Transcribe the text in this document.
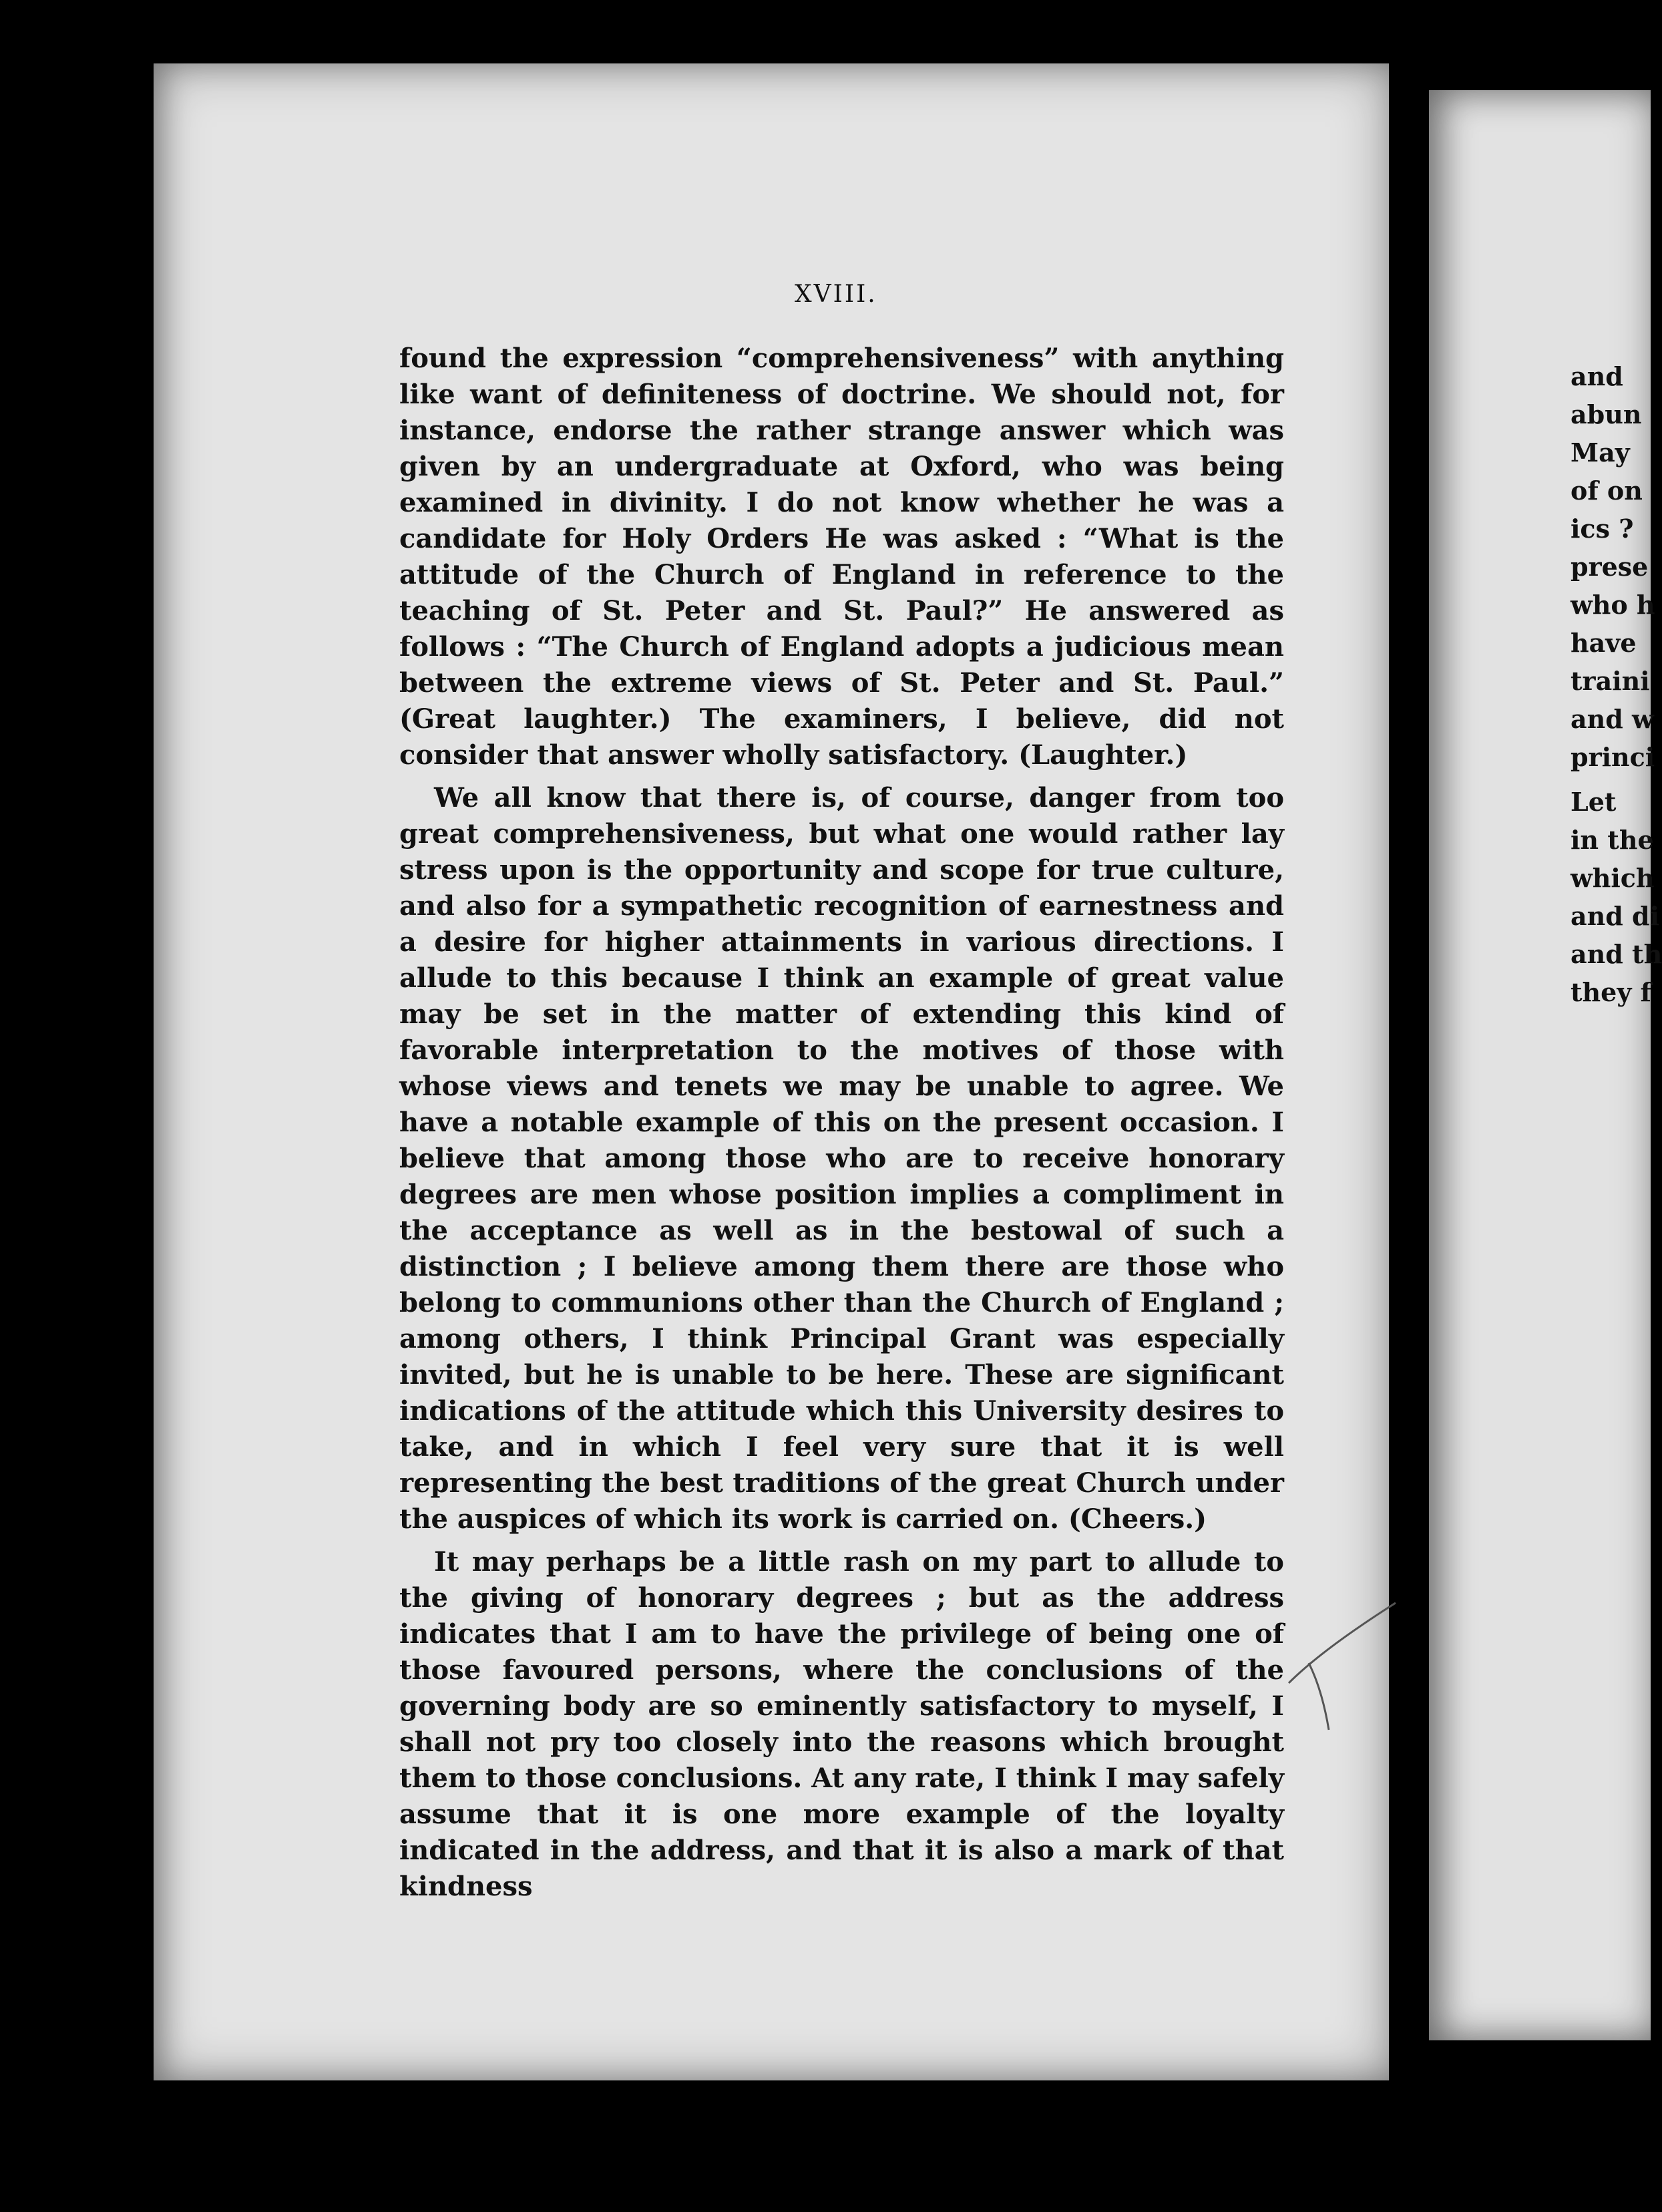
XVIII.

found the expression “comprehensiveness” with anything like want of definiteness of doctrine. We should not, for instance, endorse the rather strange answer which was given by an undergraduate at Oxford, who was being examined in divinity. I do not know whether he was a candidate for Holy Orders He was asked : “What is the attitude of the Church of England in reference to the teaching of St. Peter and St. Paul?” He answered as follows : “The Church of England adopts a judicious mean between the extreme views of St. Peter and St. Paul.” (Great laughter.) The examiners, I believe, did not consider that answer wholly satisfactory. (Laughter.)

We all know that there is, of course, danger from too great comprehensiveness, but what one would rather lay stress upon is the opportunity and scope for true culture, and also for a sympathetic recognition of earnestness and a desire for higher attainments in various directions. I allude to this because I think an example of great value may be set in the matter of extending this kind of favorable interpretation to the motives of those with whose views and tenets we may be unable to agree. We have a notable example of this on the present occasion. I believe that among those who are to receive honorary degrees are men whose position implies a compliment in the acceptance as well as in the bestowal of such a distinction ; I believe among them there are those who belong to communions other than the Church of England ; among others, I think Principal Grant was especially invited, but he is unable to be here. These are significant indications of the attitude which this University desires to take, and in which I feel very sure that it is well representing the best traditions of the great Church under the auspices of which its work is carried on. (Cheers.)

It may perhaps be a little rash on my part to allude to the giving of honorary degrees ; but as the address indicates that I am to have the privilege of being one of those favoured persons, where the conclusions of the governing body are so eminently satisfactory to myself, I shall not pry too closely into the reasons which brought them to those conclusions. At any rate, I think I may safely assume that it is one more example of the loyalty indicated in the address, and that it is also a mark of that kindness

and
abun
May
of on
ics ?
prese
who h
have
traini
and w
princi
Let
in the
which
and di
and th
they f
